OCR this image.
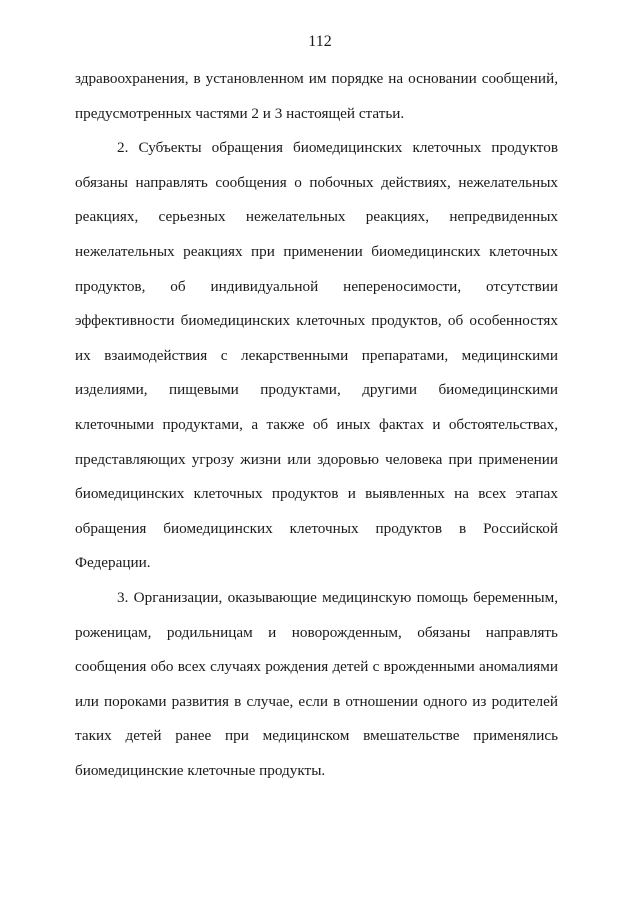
112

здравоохранения, в установленном им порядке на основании сообщений, предусмотренных частями 2 и 3 настоящей статьи.

2. Субъекты обращения биомедицинских клеточных продуктов обязаны направлять сообщения о побочных действиях, нежелательных реакциях, серьезных нежелательных реакциях, непредвиденных нежелательных реакциях при применении биомедицинских клеточных продуктов, об индивидуальной непереносимости, отсутствии эффективности биомедицинских клеточных продуктов, об особенностях их взаимодействия с лекарственными препаратами, медицинскими изделиями, пищевыми продуктами, другими биомедицинскими клеточными продуктами, а также об иных фактах и обстоятельствах, представляющих угрозу жизни или здоровью человека при применении биомедицинских клеточных продуктов и выявленных на всех этапах обращения биомедицинских клеточных продуктов в Российской Федерации.

3. Организации, оказывающие медицинскую помощь беременным, роженицам, родильницам и новорожденным, обязаны направлять сообщения обо всех случаях рождения детей с врожденными аномалиями или пороками развития в случае, если в отношении одного из родителей таких детей ранее при медицинском вмешательстве применялись биомедицинские клеточные продукты.
